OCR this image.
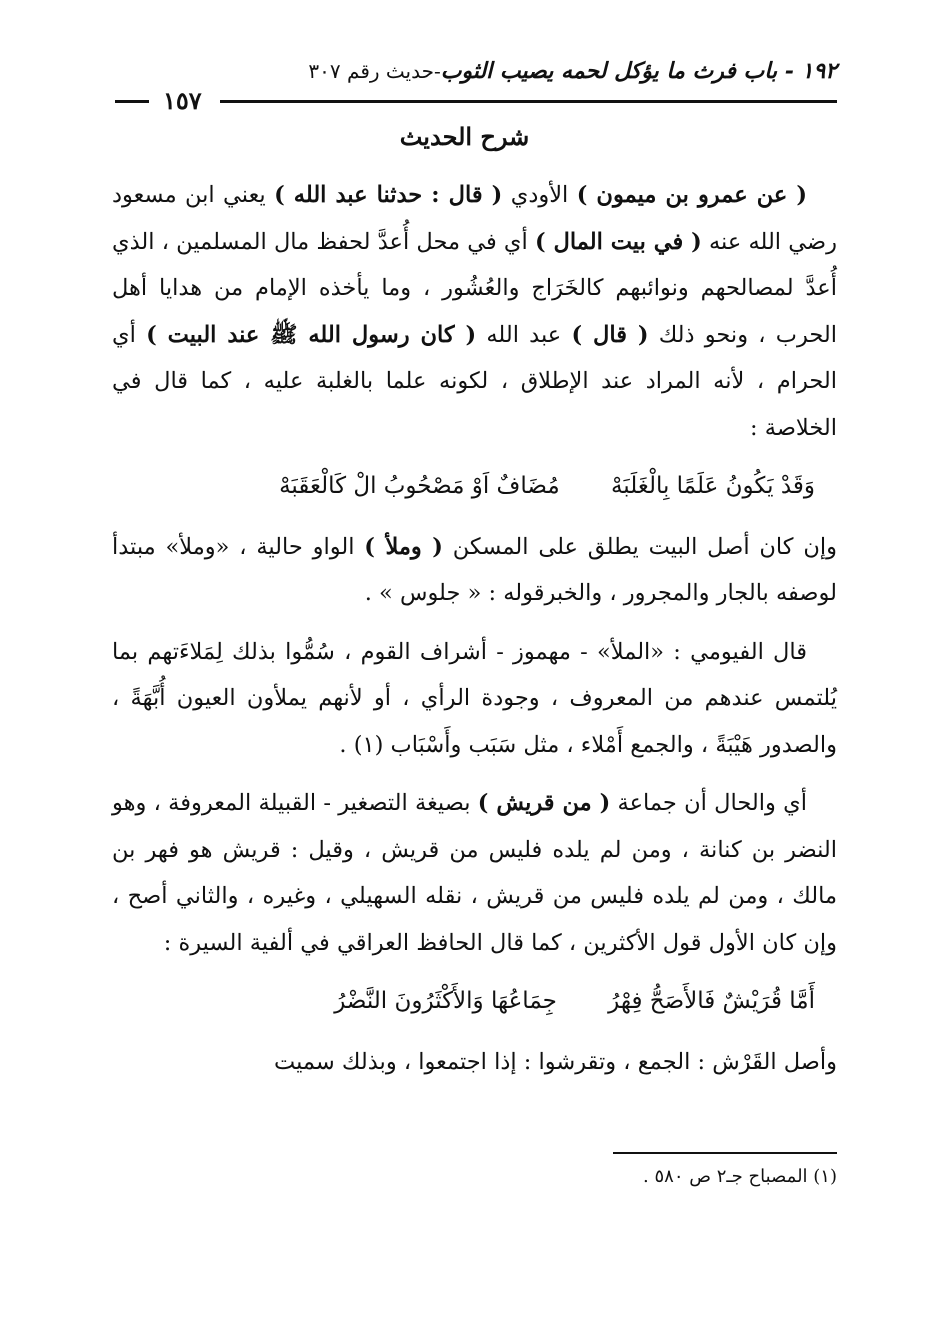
١٩٢ - باب فرث ما يؤكل لحمه يصيب الثوب-حديث رقم ٣٠٧
١٥٧
شرح الحديث

( عن عمرو بن ميمون ) الأودي ( قال : حدثنا عبد الله ) يعني ابن مسعود رضي الله عنه ( في بيت المال ) أي في محل أُعدَّ لحفظ مال المسلمين ، الذي أُعدَّ لمصالحهم ونوائبهم كالخَرَاج والعُشُور ، وما يأخذه الإمام من هدايا أهل الحرب ، ونحو ذلك ( قال ) عبد الله ( كان رسول الله ﷺ عند البيت ) أي الحرام ، لأنه المراد عند الإطلاق ، لكونه علما بالغلبة عليه ، كما قال في الخلاصة :

وَقَدْ يَكُونُ عَلَمًا بِالْغَلَبَهْ مُضَافٌ اَوْ مَصْحُوبُ الْ كَالْعَقَبَهْ

وإن كان أصل البيت يطلق على المسكن ( وملأ ) الواو حالية ، «وملأ» مبتدأ لوصفه بالجار والمجرور ، والخبرقوله : « جلوس » .

قال الفيومي : «الملأ» - مهموز - أشراف القوم ، سُمُّوا بذلك لِمَلاءَتهم بما يُلتمس عندهم من المعروف ، وجودة الرأي ، أو لأنهم يملأون العيون أُبَّهَةً ، والصدور هَيْبَةً ، والجمع أَمْلاء ، مثل سَبَب وأَسْبَاب (١) .

أي والحال أن جماعة ( من قريش ) بصيغة التصغير - القبيلة المعروفة ، وهو النضر بن كنانة ، ومن لم يلده فليس من قريش ، وقيل : قريش هو فهر بن مالك ، ومن لم يلده فليس من قريش ، نقله السهيلي ، وغيره ، والثاني أصح ، وإن كان الأول قول الأكثرين ، كما قال الحافظ العراقي في ألفية السيرة :

أَمَّا قُرَيْشٌ فَالأَصَحُّ فِهْرُ جِمَاعُهَا وَالأَكْثَرُونَ النَّضْرُ

وأصل القَرْش : الجمع ، وتقرشوا : إذا اجتمعوا ، وبذلك سميت

(١) المصباح جـ٢ ص ٥٨٠ .
